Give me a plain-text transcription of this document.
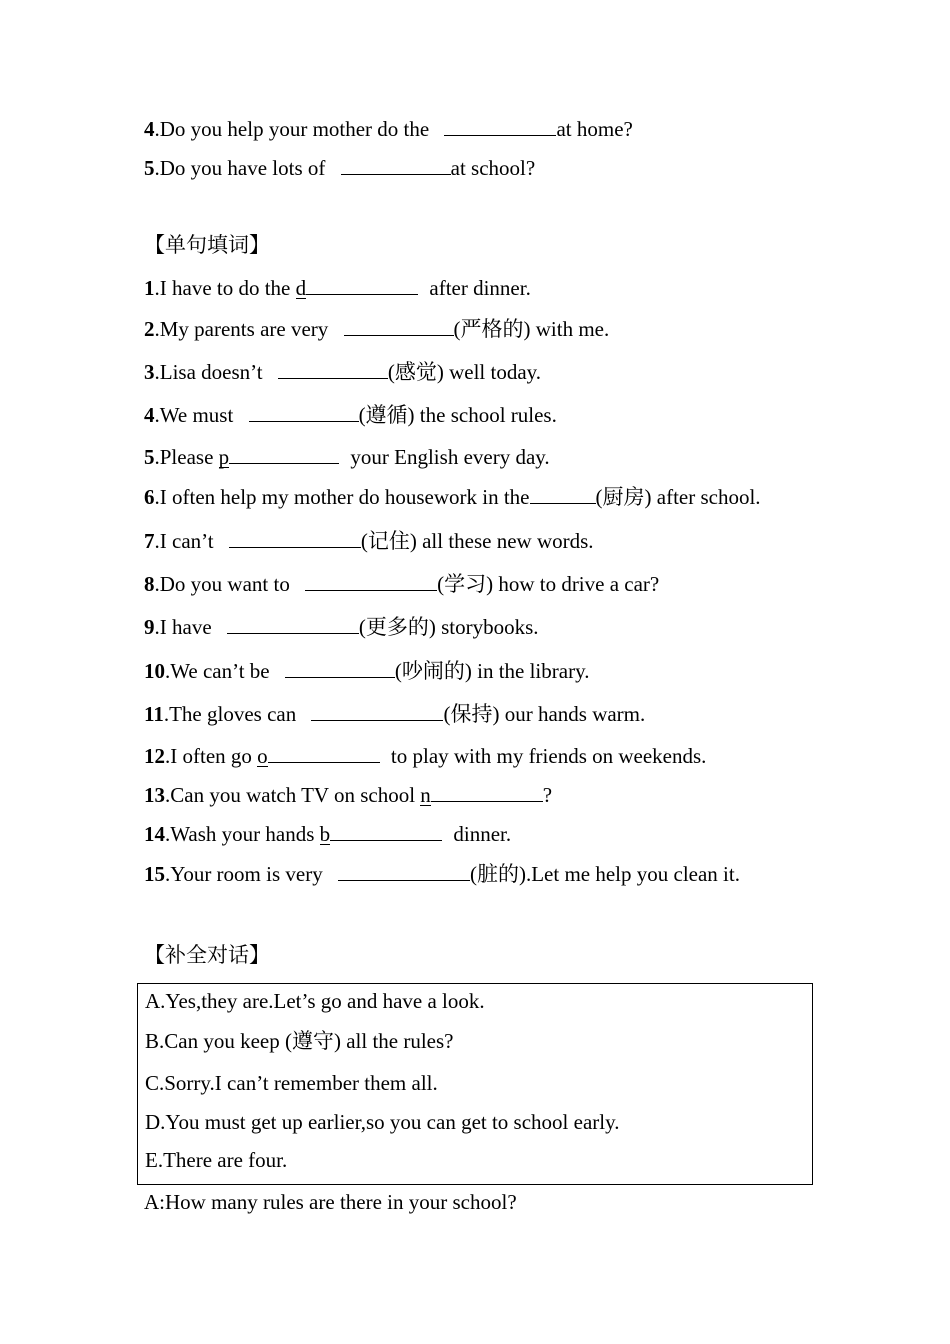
4.Do you help your mother do the	at home?
5.Do you have lots of	at school?
【单句填词】
1.I have to do the d	after dinner.
2.My parents are very	(严格的) with me.
3.Lisa doesn’t	(感觉) well today.
4.We must	(遵循) the school rules.
5.Please p	your English every day.
6.I often help my mother do housework in the	(厨房) after school.
7.I can’t	(记住) all these new words.
8.Do you want to	(学习) how to drive a car?
9.I have	(更多的) storybooks.
10.We can’t be	(吵闹的) in the library.
11.The gloves can	(保持) our hands warm.
12.I often go o	to play with my friends on weekends.
13.Can you watch TV on school n	?
14.Wash your hands b	dinner.
15.Your room is very	(脏的).Let me help you clean it.
【补全对话】
A.Yes,they are.Let’s go and have a look.
B.Can you keep (遵守) all the rules?
C.Sorry.I can’t remember them all.
D.You must get up earlier,so you can get to school early.
E.There are four.
A:How many rules are there in your school?
